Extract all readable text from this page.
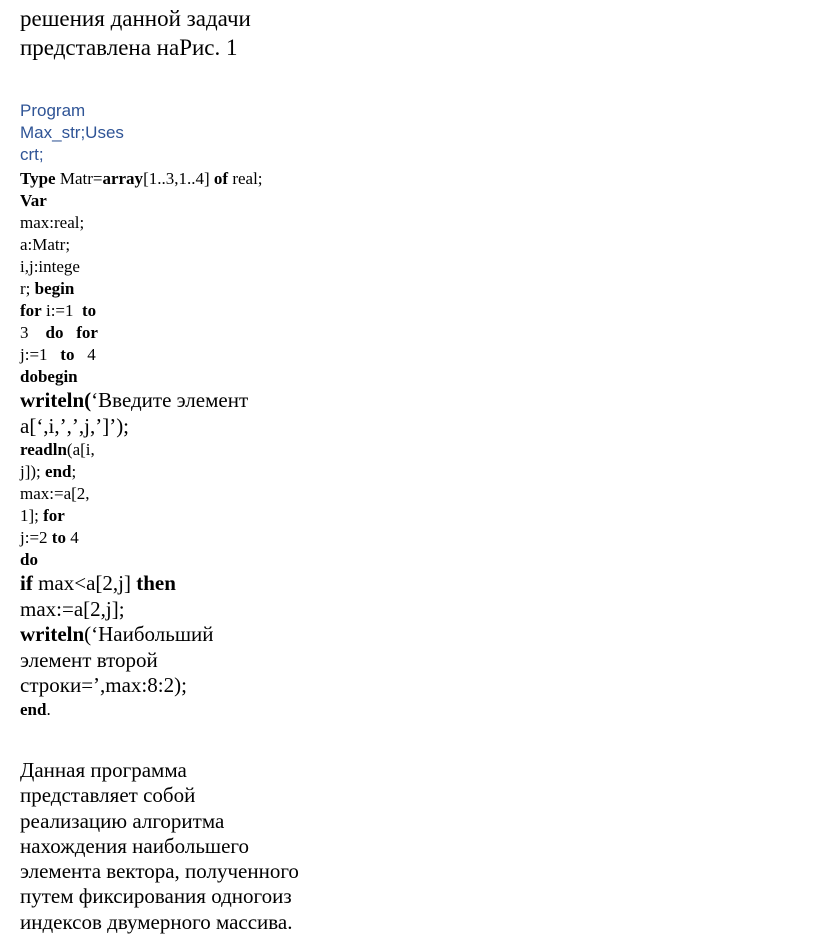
решения данной задачи
представлена наРис. 1
Program
Max_str;Uses
crt;
Type Matr=array[1..3,1..4] of real;
Var
max:real;
a:Matr;
i,j:intege
r; begin
for i:=1  to
3    do for
j:=1   to   4
dobegin
writeln(‘Введите элемент
a[‘,i,’,’,j,’]’);
readln(a[i,
j]); end;
max:=a[2,
1]; for
j:=2 to 4
do
if max<a[2,j] then
max:=a[2,j];
writeln(‘Наибольший
элемент второй
строки=’,max:8:2);
end.
Данная программа
представляет собой
реализацию алгоритма
нахождения наибольшего
элемента вектора, полученного
путем фиксирования одногоиз
индексов двумерного массива.
